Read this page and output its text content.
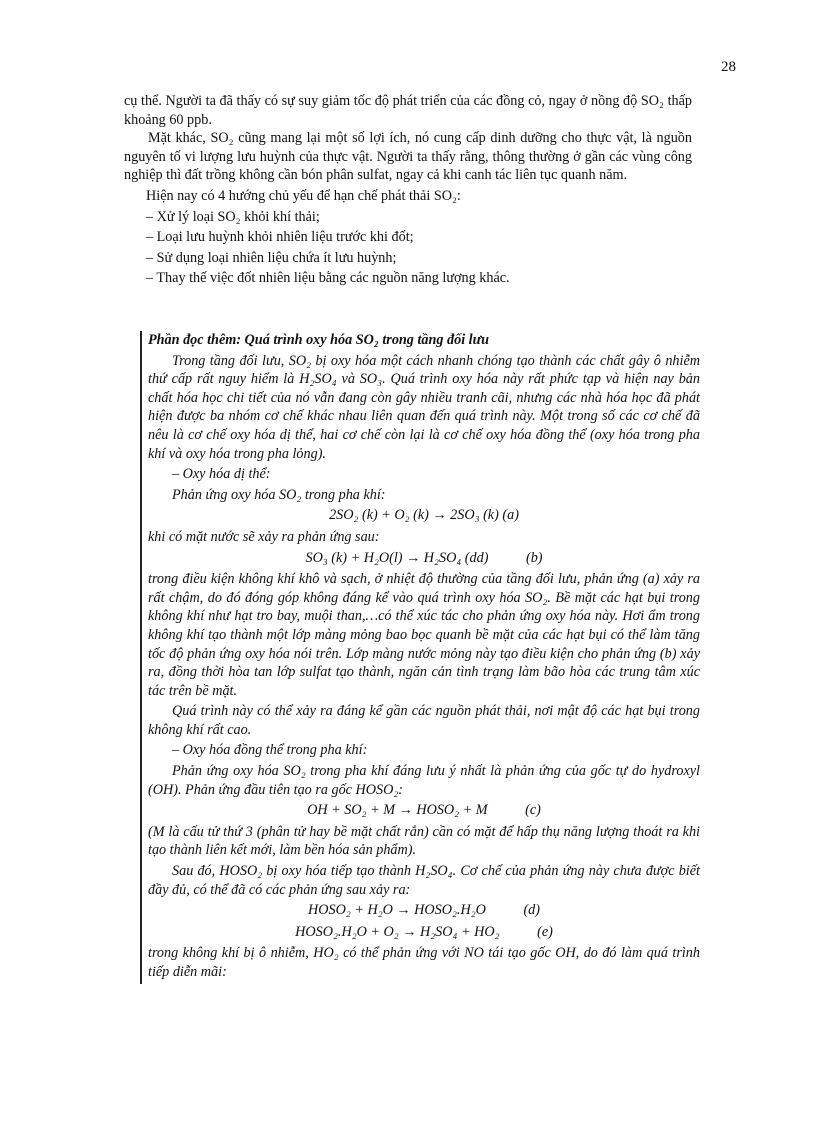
28

cụ thể. Người ta đã thấy có sự suy giảm tốc độ phát triển của các đồng cỏ, ngay ở nồng độ SO₂ thấp khoảng 60 ppb.

Mặt khác, SO₂ cũng mang lại một số lợi ích, nó cung cấp dinh dưỡng cho thực vật, là nguồn nguyên tố vi lượng lưu huỳnh của thực vật. Người ta thấy rằng, thông thường ở gần các vùng công nghiệp thì đất trồng không cần bón phân sulfat, ngay cả khi canh tác liên tục quanh năm.

Hiện nay có 4 hướng chủ yếu để hạn chế phát thải SO₂:

– Xử lý loại SO₂ khỏi khí thải;

– Loại lưu huỳnh khỏi nhiên liệu trước khi đốt;

– Sử dụng loại nhiên liệu chứa ít lưu huỳnh;

– Thay thế việc đốt nhiên liệu bằng các nguồn năng lượng khác.

Phần đọc thêm: Quá trình oxy hóa SO₂ trong tầng đối lưu

Trong tầng đối lưu, SO₂ bị oxy hóa một cách nhanh chóng tạo thành các chất gây ô nhiễm thứ cấp rất nguy hiểm là H₂SO₄ và SO₃. Quá trình oxy hóa này rất phức tạp và hiện nay bản chất hóa học chi tiết của nó vẫn đang còn gây nhiều tranh cãi, nhưng các nhà hóa học đã phát hiện được ba nhóm cơ chế khác nhau liên quan đến quá trình này. Một trong số các cơ chế đã nêu là cơ chế oxy hóa dị thể, hai cơ chế còn lại là cơ chế oxy hóa đồng thể (oxy hóa trong pha khí và oxy hóa trong pha lỏng).

– Oxy hóa dị thể:

Phản ứng oxy hóa SO₂ trong pha khí:

2SO₂ (k) + O₂ (k) → 2SO₃ (k) (a)

khi có mặt nước sẽ xảy ra phản ứng sau:

SO₃ (k) + H₂O(l) → H₂SO₄ (dd)	(b)

trong điều kiện không khí khô và sạch, ở nhiệt độ thường của tầng đối lưu, phản ứng (a) xảy ra rất chậm, do đó đóng góp không đáng kể vào quá trình oxy hóa SO₂. Bề mặt các hạt bụi trong không khí như hạt tro bay, muội than,…có thể xúc tác cho phản ứng oxy hóa này. Hơi ẩm trong không khí tạo thành một lớp màng mỏng bao bọc quanh bề mặt của các hạt bụi có thể làm tăng tốc độ phản ứng oxy hóa nói trên. Lớp màng nước mỏng này tạo điều kiện cho phản ứng (b) xảy ra, đồng thời hòa tan lớp sulfat tạo thành, ngăn cản tình trạng làm bão hòa các trung tâm xúc tác trên bề mặt.

Quá trình này có thể xảy ra đáng kể gần các nguồn phát thải, nơi mật độ các hạt bụi trong không khí rất cao.

– Oxy hóa đồng thể trong pha khí:

Phản ứng oxy hóa SO₂ trong pha khí đáng lưu ý nhất là phản ứng của gốc tự do hydroxyl (OH). Phản ứng đầu tiên tạo ra gốc HOSO₂:

OH + SO₂ + M → HOSO₂ + M	(c)

(M là cấu tử thứ 3 (phân tử hay bề mặt chất rắn) cần có mặt để hấp thụ năng lượng thoát ra khi tạo thành liên kết mới, làm bền hóa sản phẩm).

Sau đó, HOSO₂ bị oxy hóa tiếp tạo thành H₂SO₄. Cơ chế của phản ứng này chưa được biết đầy đủ, có thể đã có các phản ứng sau xảy ra:

HOSO₂ + H₂O → HOSO₂.H₂O	(d)
HOSO₂.H₂O + O₂ → H₂SO₄ + HO₂	(e)

trong không khí bị ô nhiễm, HO₂ có thể phản ứng với NO tái tạo gốc OH, do đó làm quá trình tiếp diễn mãi:
